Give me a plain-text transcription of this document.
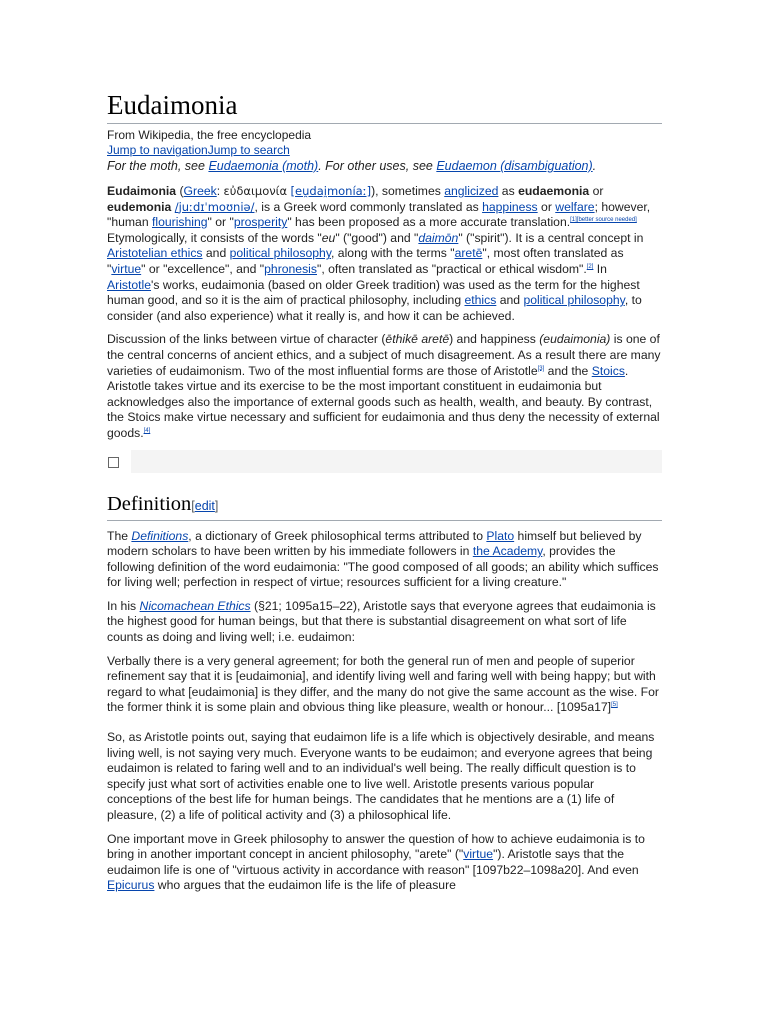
Eudaimonia
From Wikipedia, the free encyclopedia
Jump to navigationJump to search
For the moth, see Eudaemonia (moth). For other uses, see Eudaemon (disambiguation).

Eudaimonia (Greek: εὐδαιμονία [eu̯dai̯moníaː]), sometimes anglicized as eudaemonia or eudemonia /juːdɪˈmoʊniə/, is a Greek word commonly translated as happiness or welfare; however, "human flourishing" or "prosperity" has been proposed as a more accurate translation.[1][better source needed] Etymologically, it consists of the words "eu" ("good") and "daimōn" ("spirit"). It is a central concept in Aristotelian ethics and political philosophy, along with the terms "aretē", most often translated as "virtue" or "excellence", and "phronesis", often translated as "practical or ethical wisdom".[2] In Aristotle's works, eudaimonia (based on older Greek tradition) was used as the term for the highest human good, and so it is the aim of practical philosophy, including ethics and political philosophy, to consider (and also experience) what it really is, and how it can be achieved.

Discussion of the links between virtue of character (ēthikē aretē) and happiness (eudaimonia) is one of the central concerns of ancient ethics, and a subject of much disagreement. As a result there are many varieties of eudaimonism. Two of the most influential forms are those of Aristotle[3] and the Stoics. Aristotle takes virtue and its exercise to be the most important constituent in eudaimonia but acknowledges also the importance of external goods such as health, wealth, and beauty. By contrast, the Stoics make virtue necessary and sufficient for eudaimonia and thus deny the necessity of external goods.[4]

Definition[edit]

The Definitions, a dictionary of Greek philosophical terms attributed to Plato himself but believed by modern scholars to have been written by his immediate followers in the Academy, provides the following definition of the word eudaimonia: "The good composed of all goods; an ability which suffices for living well; perfection in respect of virtue; resources sufficient for a living creature."

In his Nicomachean Ethics (§21; 1095a15–22), Aristotle says that everyone agrees that eudaimonia is the highest good for human beings, but that there is substantial disagreement on what sort of life counts as doing and living well; i.e. eudaimon:

Verbally there is a very general agreement; for both the general run of men and people of superior refinement say that it is [eudaimonia], and identify living well and faring well with being happy; but with regard to what [eudaimonia] is they differ, and the many do not give the same account as the wise. For the former think it is some plain and obvious thing like pleasure, wealth or honour... [1095a17][5]

So, as Aristotle points out, saying that eudaimon life is a life which is objectively desirable, and means living well, is not saying very much. Everyone wants to be eudaimon; and everyone agrees that being eudaimon is related to faring well and to an individual's well being. The really difficult question is to specify just what sort of activities enable one to live well. Aristotle presents various popular conceptions of the best life for human beings. The candidates that he mentions are a (1) life of pleasure, (2) a life of political activity and (3) a philosophical life.

One important move in Greek philosophy to answer the question of how to achieve eudaimonia is to bring in another important concept in ancient philosophy, "arete" ("virtue"). Aristotle says that the eudaimon life is one of "virtuous activity in accordance with reason" [1097b22–1098a20]. And even Epicurus who argues that the eudaimon life is the life of pleasure
